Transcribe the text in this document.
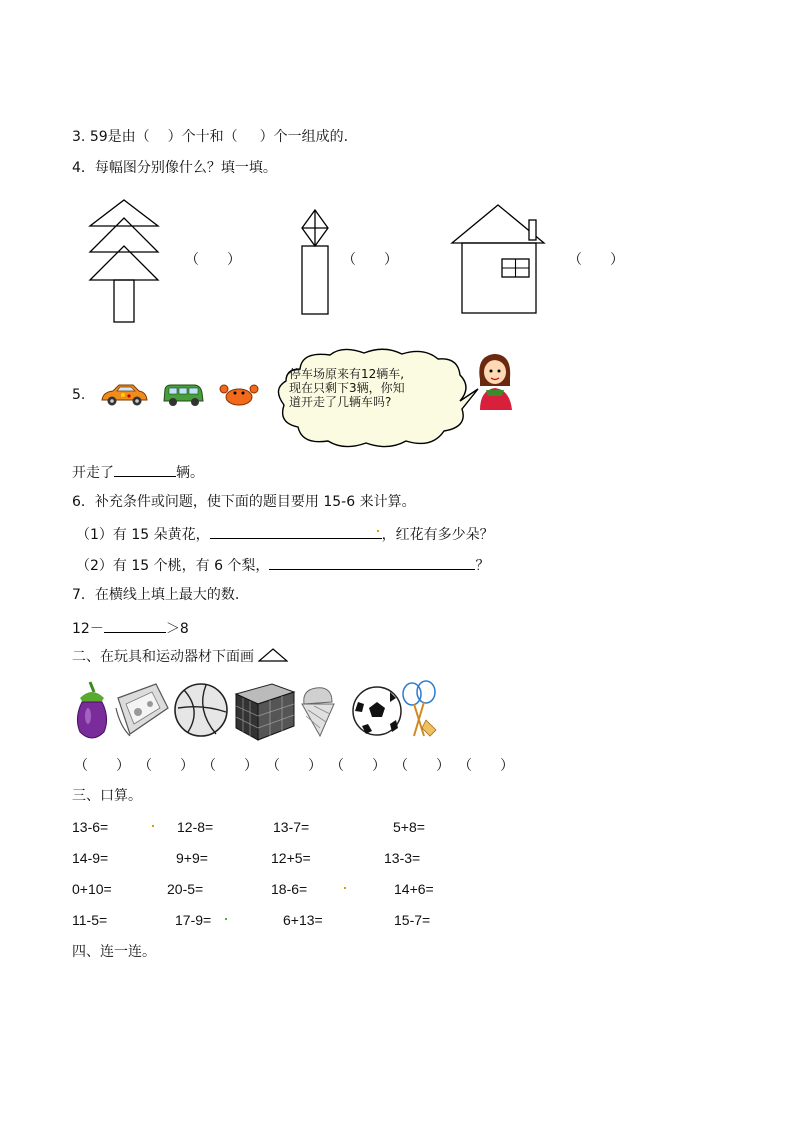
3. 59是由（ ）个十和（ ）个一组成的.
4．每幅图分别像什么？填一填。
（　　）	（　　）	（　　）
5.
停车场原来有12辆车,
现在只剩下3辆，你知
道开走了几辆车吗?
开走了	辆。
6．补充条件或问题，使下面的题目要用 15-6 来计算。
（1）有 15 朵黄花，	，红花有多少朵？
（2）有 15 个桃，有 6 个梨，	？
7．在横线上填上最大的数.
12－	＞8
二、在玩具和运动器材下面画
（　　） （　　） （　　） （　　） （　　） （　　） （　　）
三、口算。
13-6=	12-8=	13-7=	5+8=
14-9=	9+9=	12+5=	13-3=
0+10=	20-5=	18-6=	14+6=
11-5=	17-9=	6+13=	15-7=
四、连一连。
